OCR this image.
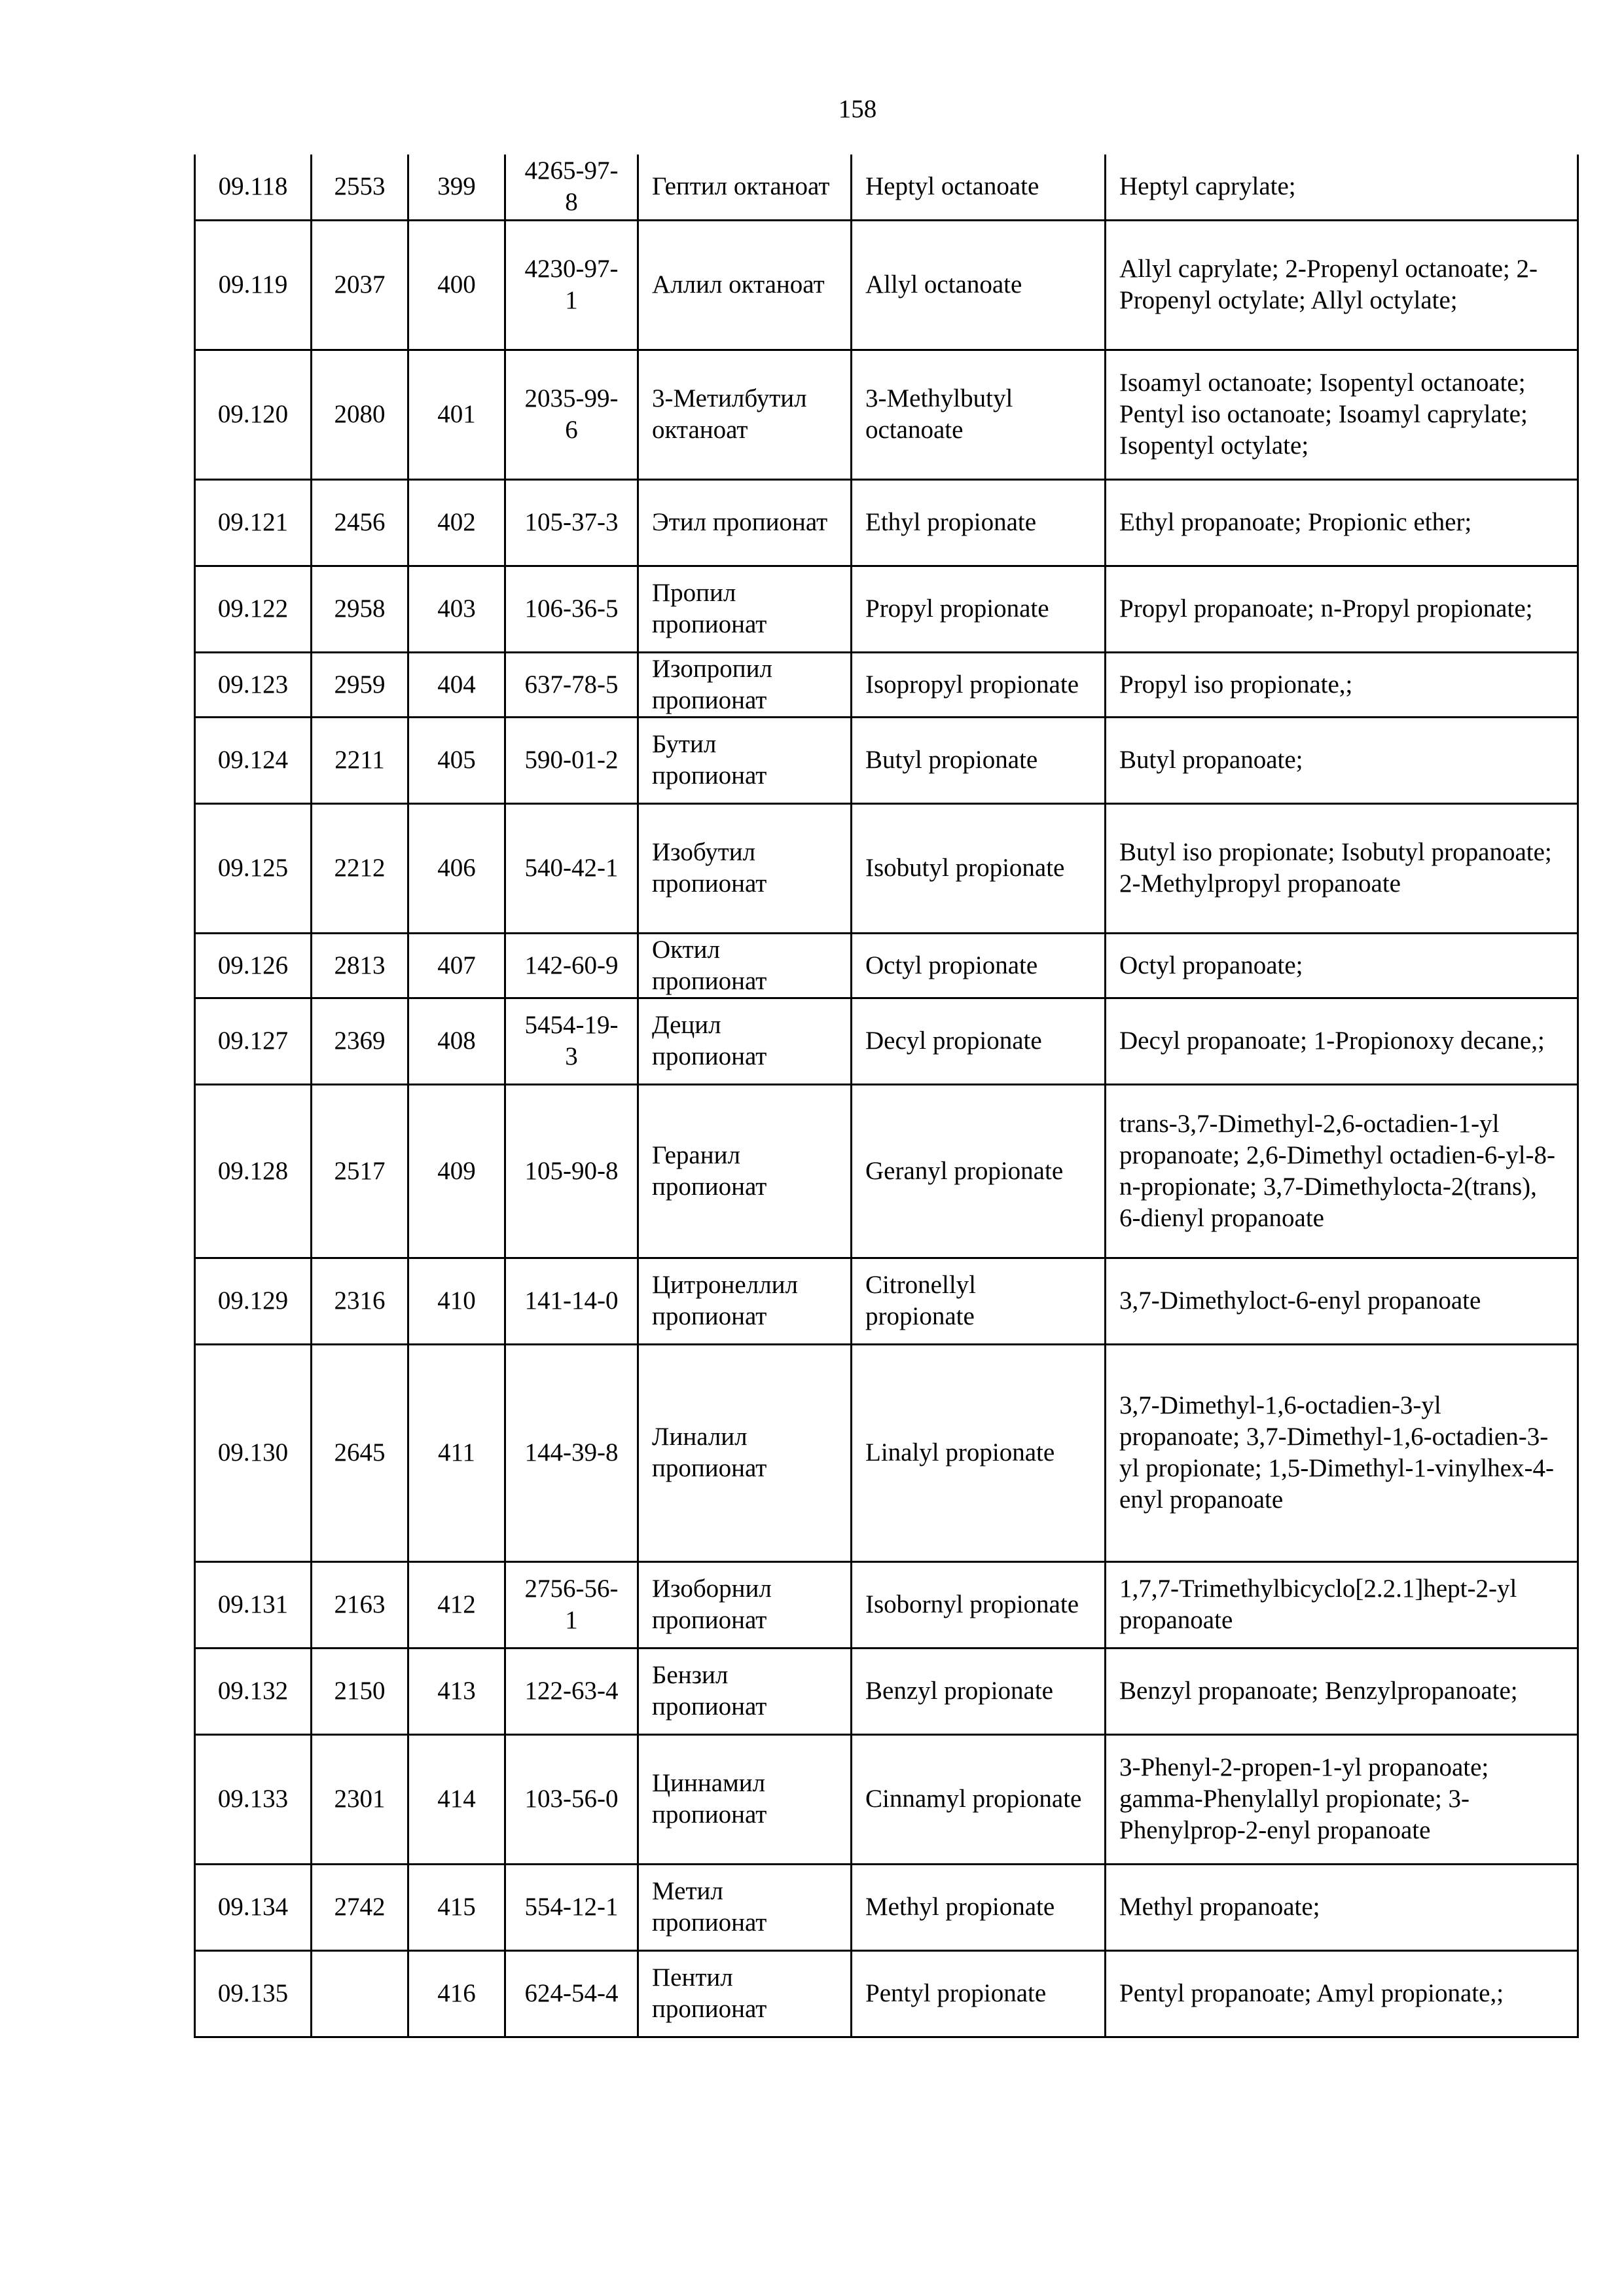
158
09.118	2553	399	4265-97-8	Гептил октаноат	Heptyl octanoate	Heptyl caprylate;
09.119	2037	400	4230-97-1	Аллил октаноат	Allyl octanoate	Allyl caprylate; 2-Propenyl octanoate; 2-Propenyl octylate; Allyl octylate;
09.120	2080	401	2035-99-6	3-Метилбутил октаноат	3-Methylbutyl octanoate	Isoamyl octanoate; Isopentyl octanoate; Pentyl iso octanoate; Isoamyl caprylate; Isopentyl octylate;
09.121	2456	402	105-37-3	Этил пропионат	Ethyl propionate	Ethyl propanoate; Propionic ether;
09.122	2958	403	106-36-5	Пропил пропионат	Propyl propionate	Propyl propanoate; n-Propyl propionate;
09.123	2959	404	637-78-5	Изопропил пропионат	Isopropyl propionate	Propyl iso propionate,;
09.124	2211	405	590-01-2	Бутил пропионат	Butyl propionate	Butyl propanoate;
09.125	2212	406	540-42-1	Изобутил пропионат	Isobutyl propionate	Butyl iso propionate; Isobutyl propanoate; 2-Methylpropyl propanoate
09.126	2813	407	142-60-9	Октил пропионат	Octyl propionate	Octyl propanoate;
09.127	2369	408	5454-19-3	Децил пропионат	Decyl propionate	Decyl propanoate; 1-Propionoxy decane,;
09.128	2517	409	105-90-8	Геранил пропионат	Geranyl propionate	trans-3,7-Dimethyl-2,6-octadien-1-yl propanoate; 2,6-Dimethyl octadien-6-yl-8-n-propionate; 3,7-Dimethylocta-2(trans), 6-dienyl propanoate
09.129	2316	410	141-14-0	Цитронеллил пропионат	Citronellyl propionate	3,7-Dimethyloct-6-enyl propanoate
09.130	2645	411	144-39-8	Линалил пропионат	Linalyl propionate	3,7-Dimethyl-1,6-octadien-3-yl propanoate; 3,7-Dimethyl-1,6-octadien-3-yl propionate; 1,5-Dimethyl-1-vinylhex-4-enyl propanoate
09.131	2163	412	2756-56-1	Изоборнил пропионат	Isobornyl propionate	1,7,7-Trimethylbicyclo[2.2.1]hept-2-yl propanoate
09.132	2150	413	122-63-4	Бензил пропионат	Benzyl propionate	Benzyl propanoate; Benzylpropanoate;
09.133	2301	414	103-56-0	Циннамил пропионат	Cinnamyl propionate	3-Phenyl-2-propen-1-yl propanoate; gamma-Phenylallyl propionate; 3-Phenylprop-2-enyl propanoate
09.134	2742	415	554-12-1	Метил пропионат	Methyl propionate	Methyl propanoate;
09.135		416	624-54-4	Пентил пропионат	Pentyl propionate	Pentyl propanoate; Amyl propionate,;
